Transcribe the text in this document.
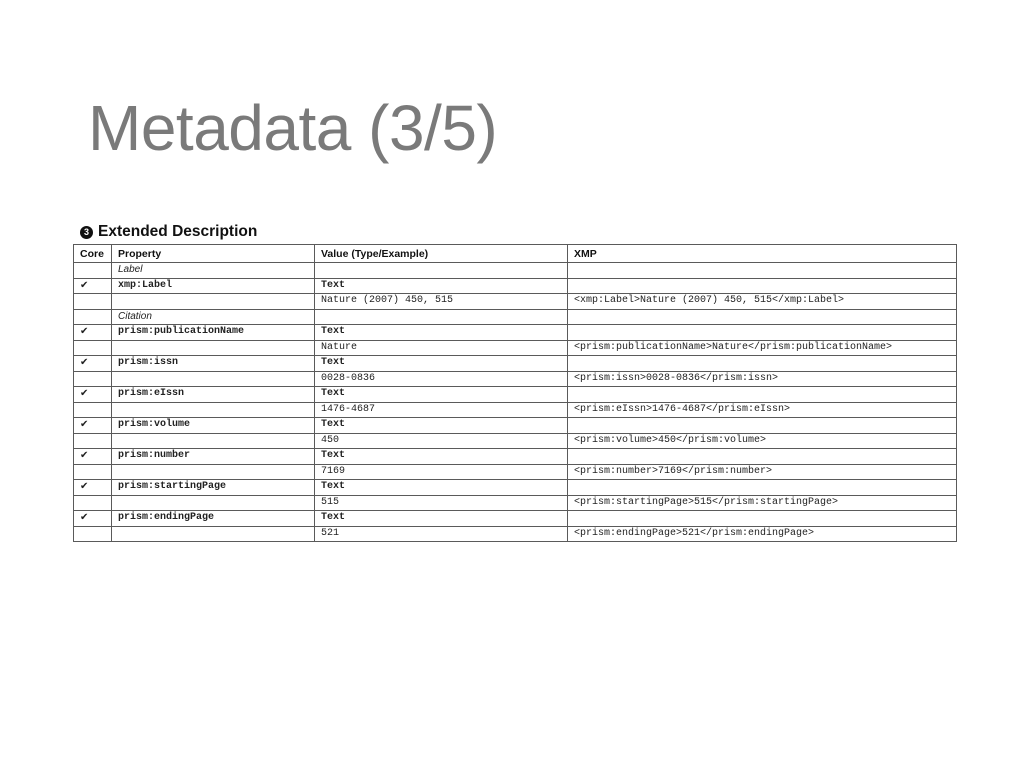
Metadata (3/5)
3 Extended Description
Core	Property	Value (Type/Example)	XMP
	Label		
✔	xmp:Label	Text	
		Nature (2007) 450, 515	<xmp:Label>Nature (2007) 450, 515</xmp:Label>
	Citation		
✔	prism:publicationName	Text	
		Nature	<prism:publicationName>Nature</prism:publicationName>
✔	prism:issn	Text	
		0028-0836	<prism:issn>0028-0836</prism:issn>
✔	prism:eIssn	Text	
		1476-4687	<prism:eIssn>1476-4687</prism:eIssn>
✔	prism:volume	Text	
		450	<prism:volume>450</prism:volume>
✔	prism:number	Text	
		7169	<prism:number>7169</prism:number>
✔	prism:startingPage	Text	
		515	<prism:startingPage>515</prism:startingPage>
✔	prism:endingPage	Text	
		521	<prism:endingPage>521</prism:endingPage>
